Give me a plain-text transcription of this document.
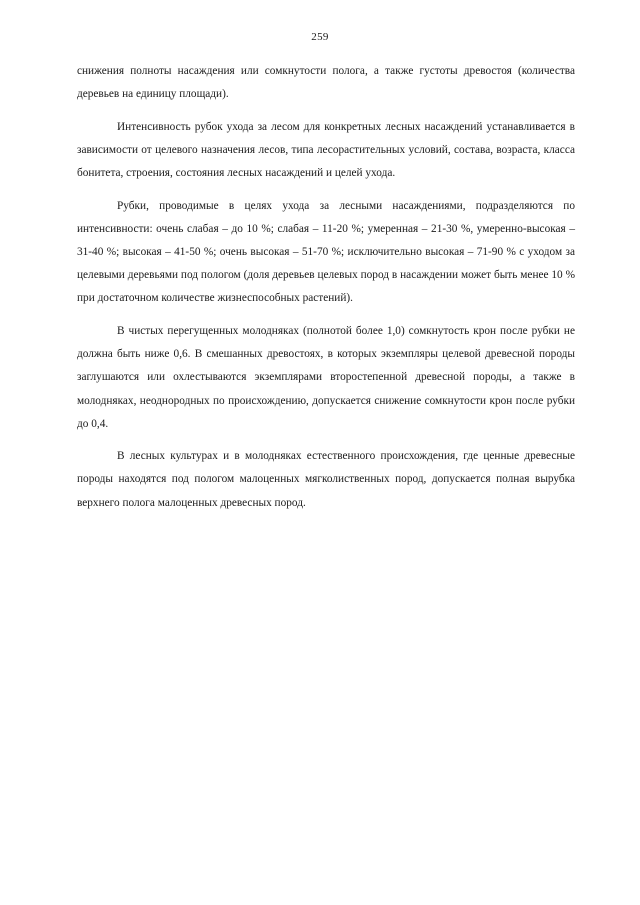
259

снижения полноты насаждения или сомкнутости полога, а также густоты древостоя (количества деревьев на единицу площади).

Интенсивность рубок ухода за лесом для конкретных лесных насаждений устанавливается в зависимости от целевого назначения лесов, типа лесорастительных условий, состава, возраста, класса бонитета, строения, состояния лесных насаждений и целей ухода.

Рубки, проводимые в целях ухода за лесными насаждениями, подразделяются по интенсивности: очень слабая – до 10 %; слабая – 11-20 %; умеренная – 21-30 %, умеренно-высокая – 31-40 %; высокая – 41-50 %; очень высокая – 51-70 %; исключительно высокая – 71-90 % с уходом за целевыми деревьями под пологом (доля деревьев целевых пород в насаждении может быть менее 10 % при достаточном количестве жизнеспособных растений).

В чистых перегущенных молодняках (полнотой более 1,0) сомкнутость крон после рубки не должна быть ниже 0,6. В смешанных древостоях, в которых экземпляры целевой древесной породы заглушаются или охлестываются экземплярами второстепенной древесной породы, а также в молодняках, неоднородных по происхождению, допускается снижение сомкнутости крон после рубки до 0,4.

В лесных культурах и в молодняках естественного происхождения, где ценные древесные породы находятся под пологом малоценных мягколиственных пород, допускается полная вырубка верхнего полога малоценных древесных пород.
